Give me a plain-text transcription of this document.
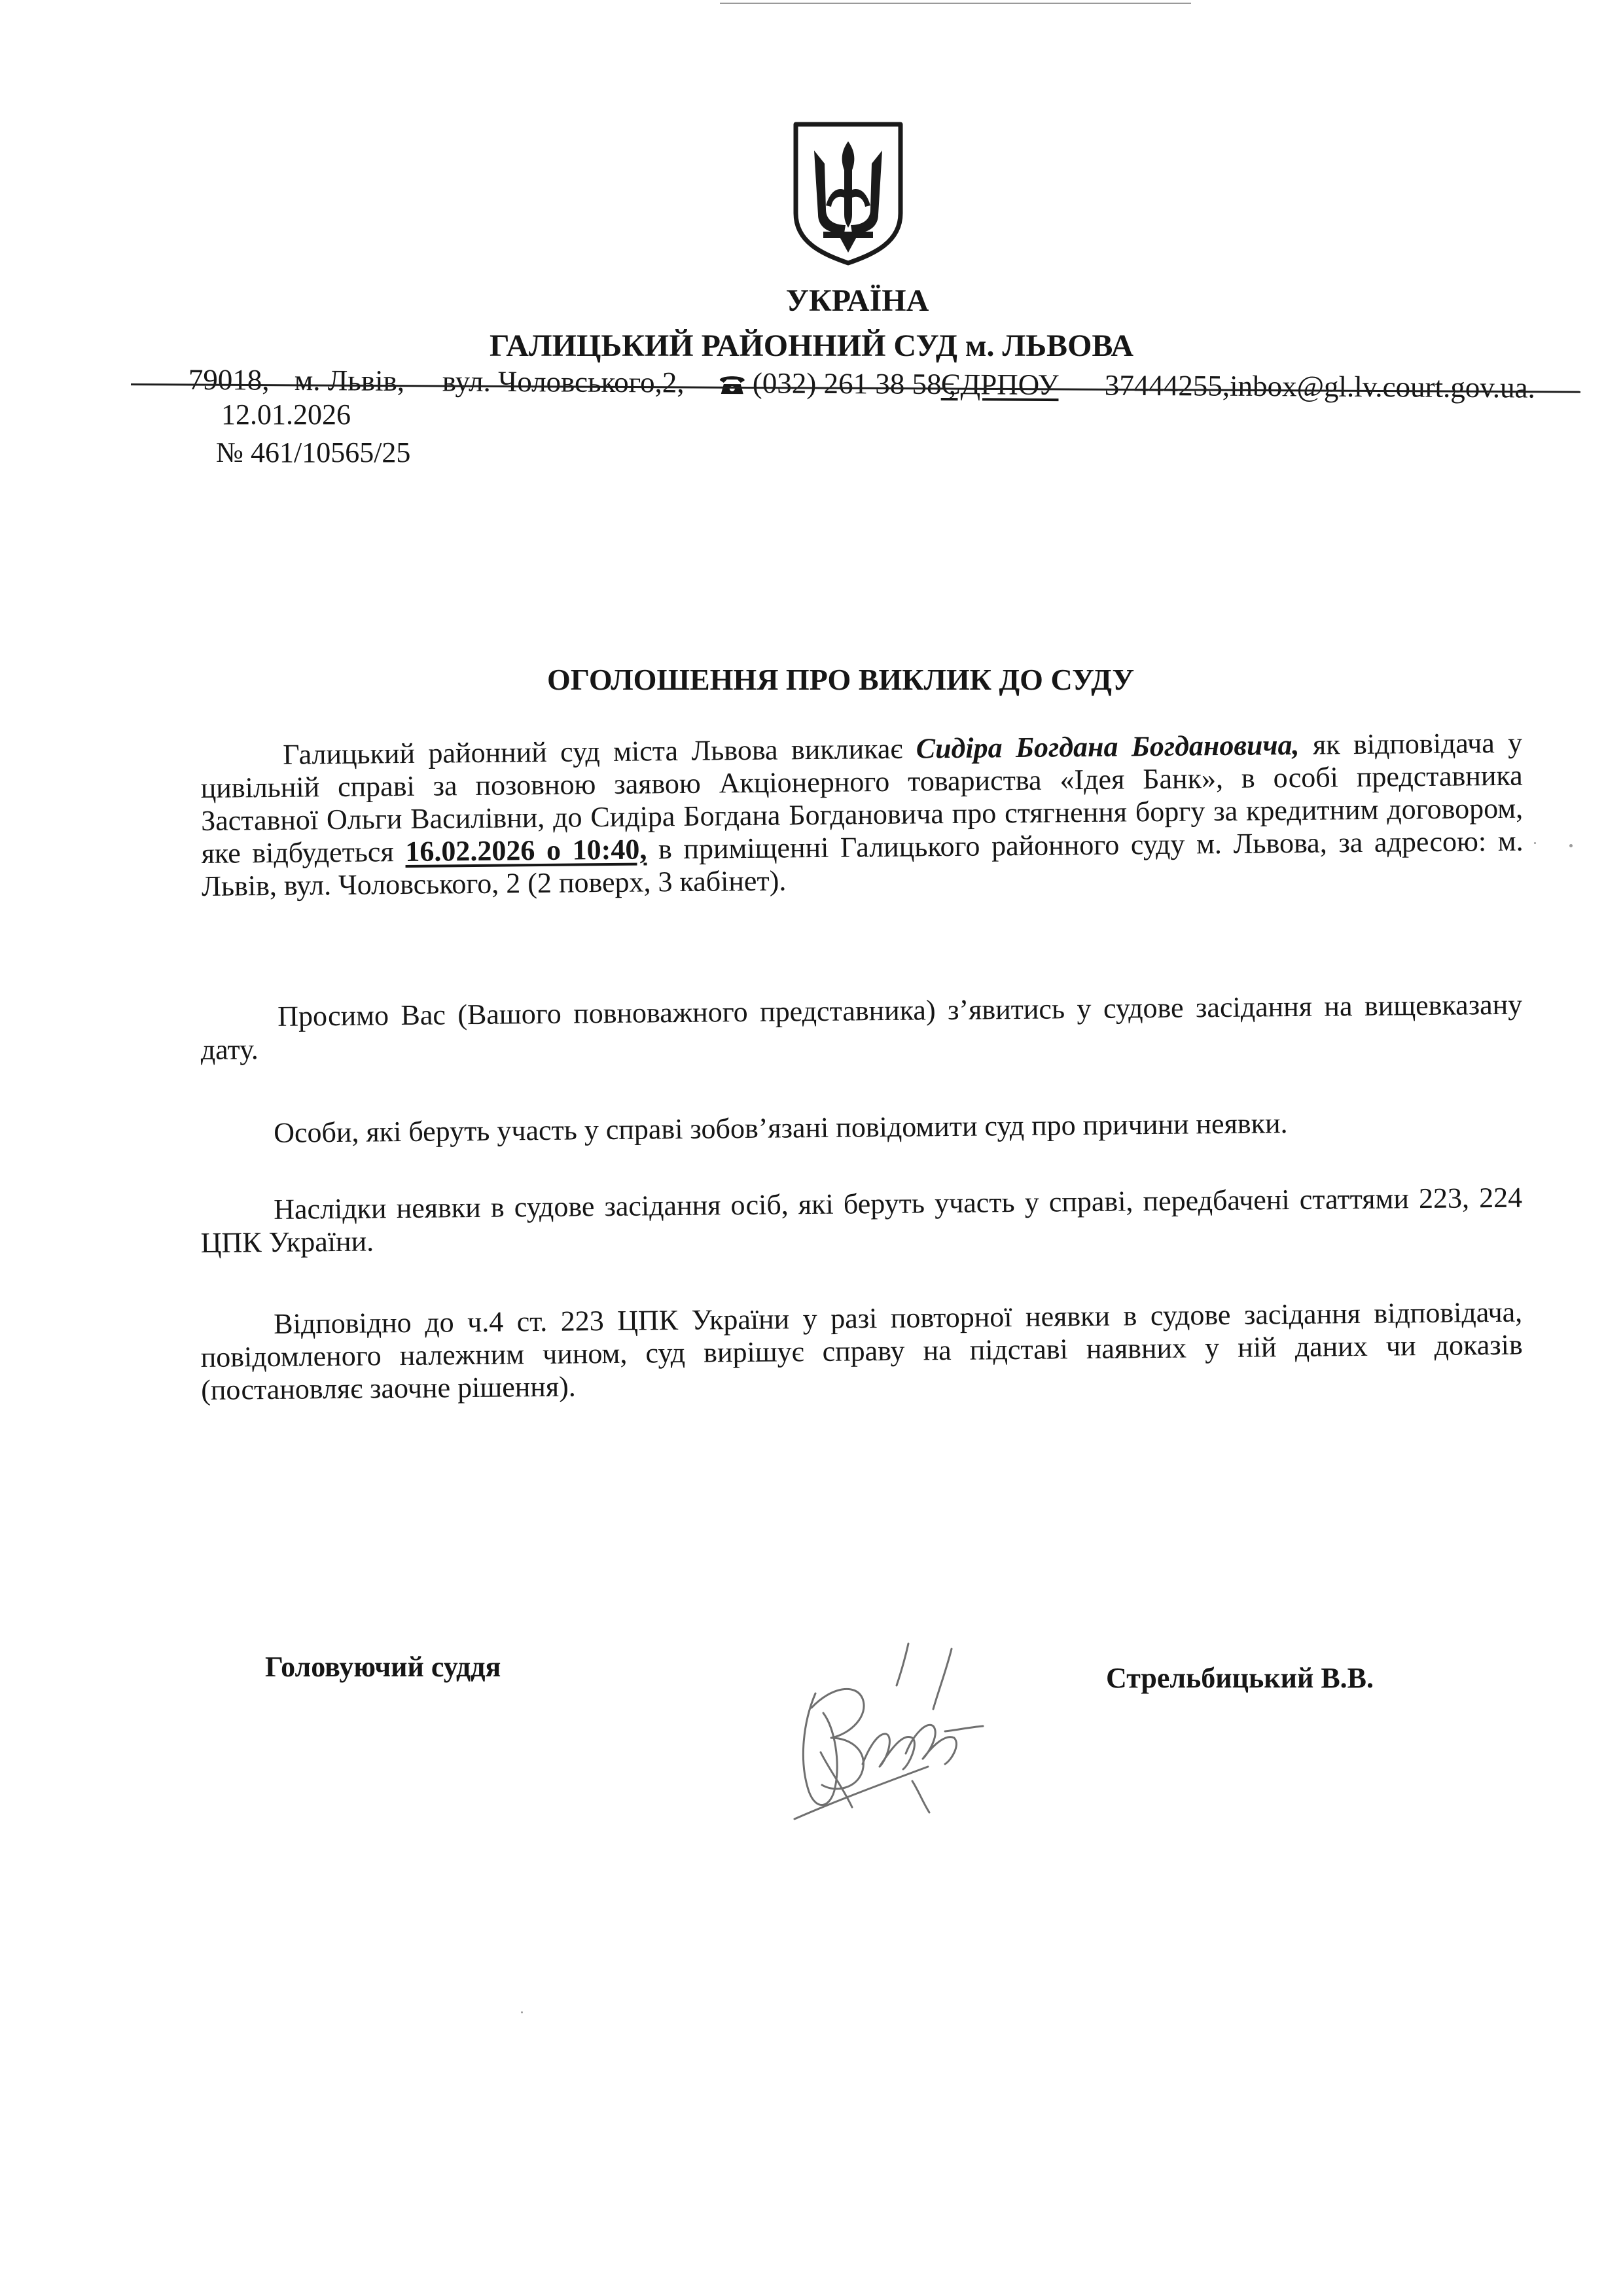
УКРАЇНА
ГАЛИЦЬКИЙ РАЙОННИЙ СУД м. ЛЬВОВА
79018, м. Львів, вул. Чоловського,2, (032) 261 38 58 ,
ЄДРПОУ 37444255,inbox@gl.lv.court.gov.ua.
12.01.2026
№ 461/10565/25
ОГОЛОШЕННЯ ПРО ВИКЛИК ДО СУДУ

Галицький районний суд міста Львова викликає Сидіра Богдана Богдановича, як відповідача у цивільній справі за позовною заявою Акціонерного товариства «Ідея Банк», в особі представника Заставної Ольги Василівни, до Сидіра Богдана Богдановича про стягнення боргу за кредитним договором, яке відбудеться 16.02.2026 о 10:40, в приміщенні Галицького районного суду м. Львова, за адресою: м. Львів, вул. Чоловського, 2 (2 поверх, 3 кабінет).

Просимо Вас (Вашого повноважного представника) з’явитись у судове засідання на вищевказану дату.

Особи, які беруть участь у справі зобов’язані повідомити суд про причини неявки.

Наслідки неявки в судове засідання осіб, які беруть участь у справі, передбачені статтями 223, 224 ЦПК України.

Відповідно до ч.4 ст. 223 ЦПК України у разі повторної неявки в судове засідання відповідача, повідомленого належним чином, суд вирішує справу на підставі наявних у ній даних чи доказів (постановляє заочне рішення).

Головуючий суддя	Стрельбицький В.В.
